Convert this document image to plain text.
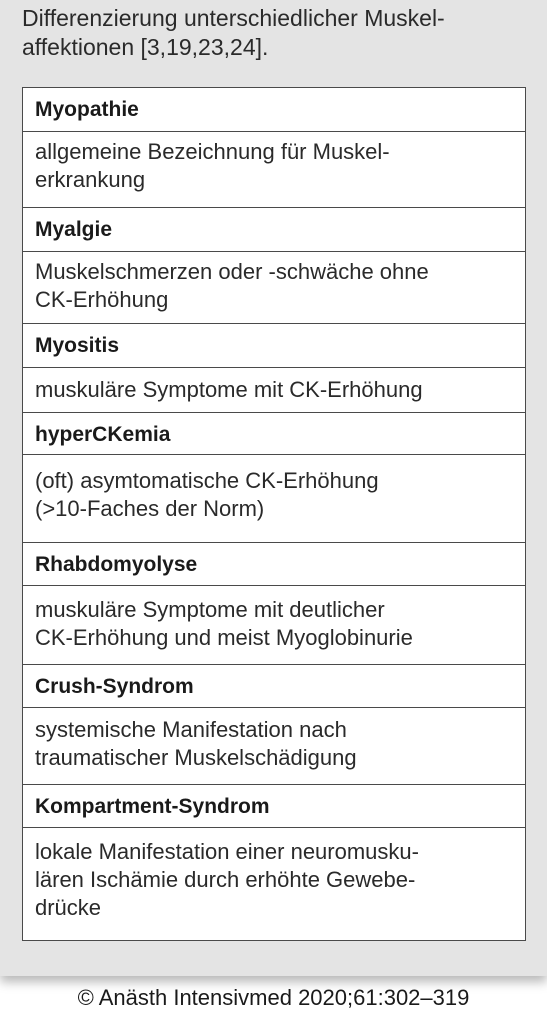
Differenzierung unterschiedlicher Muskel-
affektionen [3,19,23,24].
Myopathie
allgemeine Bezeichnung für Muskel-
erkrankung
Myalgie
Muskelschmerzen oder -schwäche ohne
CK-Erhöhung
Myositis
muskuläre Symptome mit CK-Erhöhung
hyperCKemia
(oft) asymtomatische CK-Erhöhung
(>10-Faches der Norm)
Rhabdomyolyse
muskuläre Symptome mit deutlicher
CK-Erhöhung und meist Myoglobinurie
Crush-Syndrom
systemische Manifestation nach
traumatischer Muskelschädigung
Kompartment-Syndrom
lokale Manifestation einer neuromusku-
lären Ischämie durch erhöhte Gewebe-
drücke
© Anästh Intensivmed 2020;61:302–319
